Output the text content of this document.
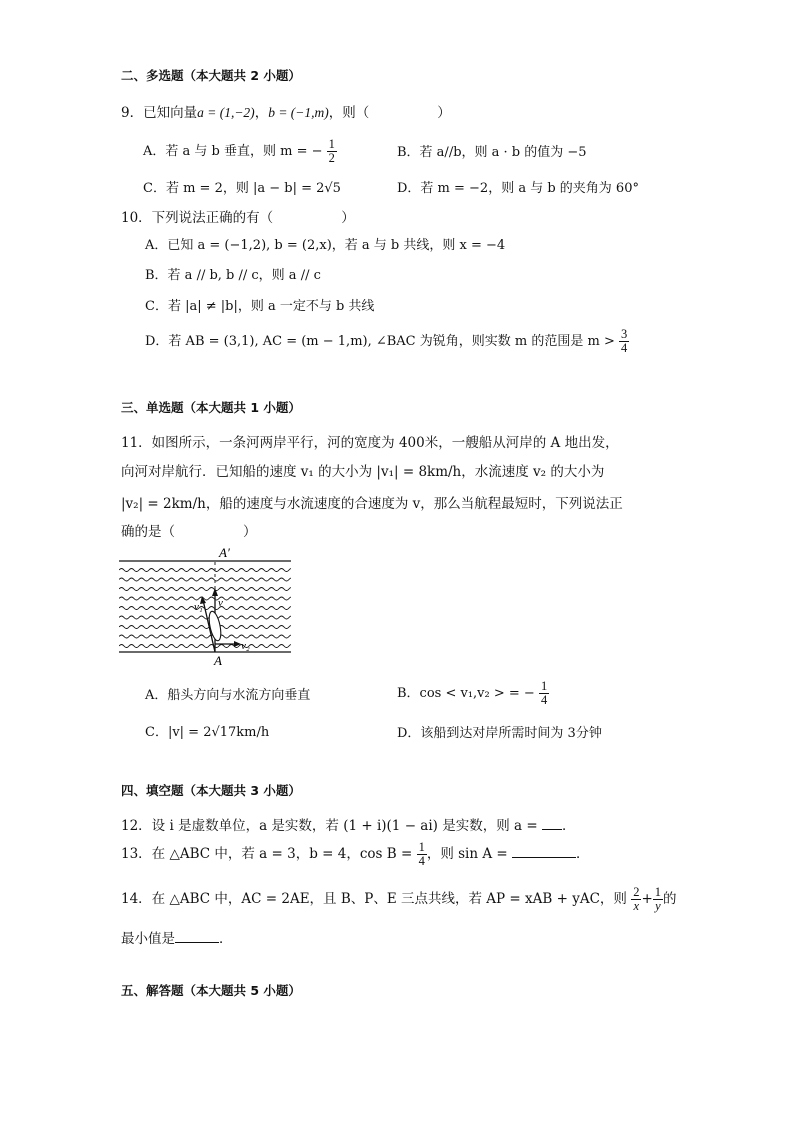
二、多选题（本大题共 2 小题）
9．已知向量a = (1,−2)，b = (−1,m)，则（	）
A．若 a 与 b 垂直，则 m = − $\frac{1}{2}$	B．若 a//b，则 a · b 的值为 −5
C．若 m = 2，则 |a − b| = 2√5	D．若 m = −2，则 a 与 b 的夹角为 60°
10．下列说法正确的有（	）
A．已知 a = (−1,2), b = (2,x)，若 a 与 b 共线，则 x = −4
B．若 a // b, b // c，则 a // c
C．若 |a| ≠ |b|，则 a 一定不与 b 共线
D．若 AB = (3,1), AC = (m − 1,m), ∠BAC 为锐角，则实数 m 的范围是 $m > \frac{3}{4}$
三、单选题（本大题共 1 小题）
11．如图所示，一条河两岸平行，河的宽度为 400米，一艘船从河岸的 A 地出发，
向河对岸航行．已知船的速度 v₁ 的大小为 |v₁| = 8km/h，水流速度 v₂ 的大小为
|v₂| = 2km/h，船的速度与水流速度的合速度为 v，那么当航程最短时，下列说法正
确的是（	）
A′
v
v₁
v₂
A
A．船头方向与水流方向垂直	B．cos < v₁,v₂ > = − $\frac{1}{4}$
C．|v| = 2√17km/h	D．该船到达对岸所需时间为 3分钟
四、填空题（本大题共 3 小题）
12．设 i 是虚数单位，a 是实数，若 (1 + i)(1 − ai) 是实数，则 a = ．
13．在 △ABC 中，若 a = 3，b = 4，$\cos B = \frac{1}{4}$ ，则 sin A =	．
14．在 △ABC 中，AC = 2AE，且 B、P、E 三点共线，若 AP = xAB + yAC，则 $\frac{2}{x} + \frac{1}{y}$ 的
最小值是	．
五、解答题（本大题共 5 小题）
